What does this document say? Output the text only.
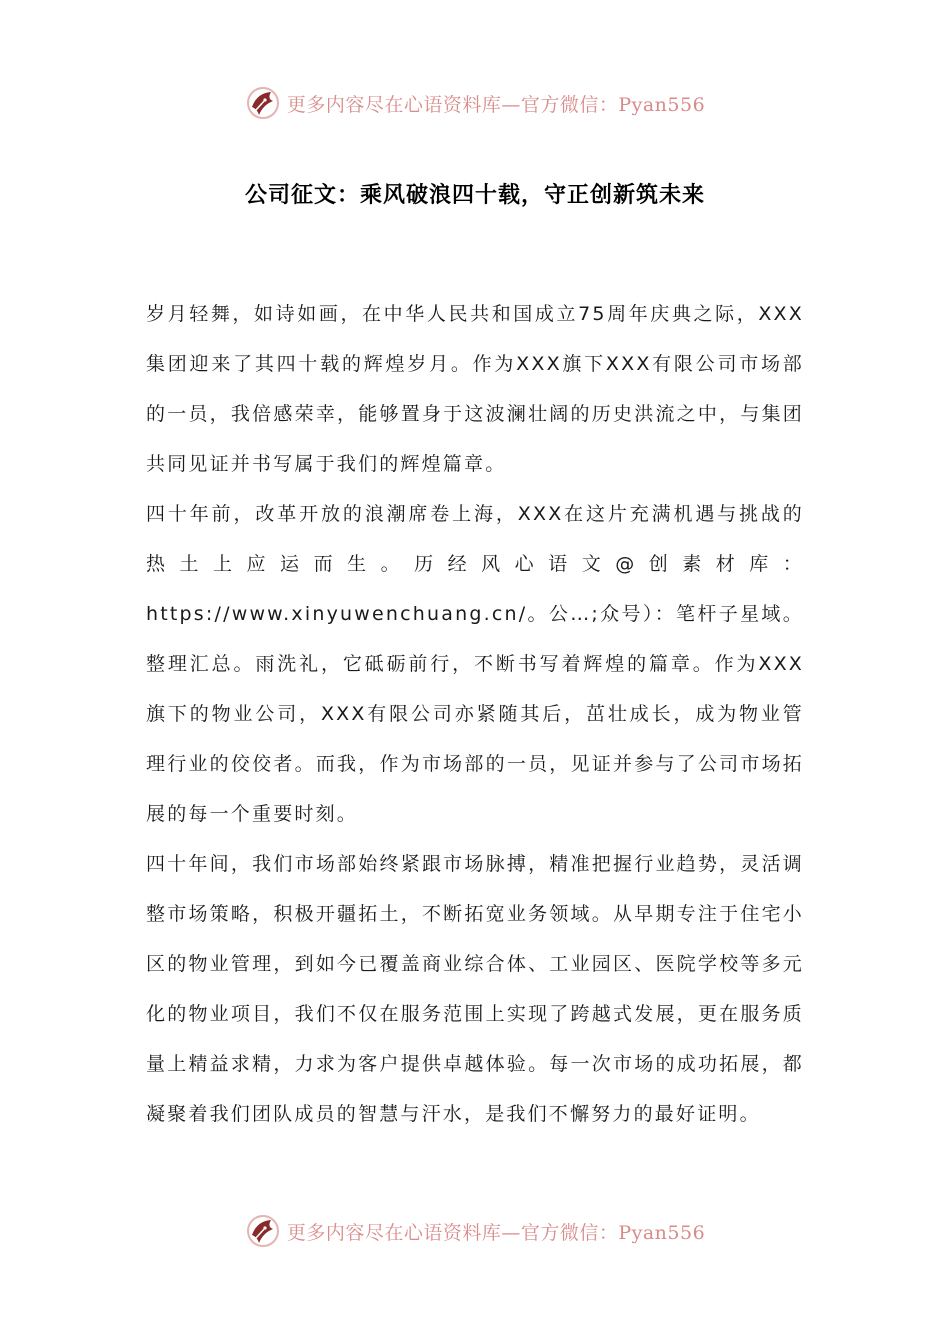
更多内容尽在心语资料库—官方微信：Pyan556
公司征文：乘风破浪四十载，守正创新筑未来

岁月轻舞，如诗如画，在中华人民共和国成立75周年庆典之际，XXX集团迎来了其四十载的辉煌岁月。作为XXX旗下XXX有限公司市场部的一员，我倍感荣幸，能够置身于这波澜壮阔的历史洪流之中，与集团共同见证并书写属于我们的辉煌篇章。

四十年前，改革开放的浪潮席卷上海，XXX在这片充满机遇与挑战的热土上应运而生。历经风心语文@创素材库：https://www.xinyuwenchuang.cn/。公…;众号）：笔杆子星域。整理汇总。雨洗礼，它砥砺前行，不断书写着辉煌的篇章。作为XXX旗下的物业公司，XXX有限公司亦紧随其后，茁壮成长，成为物业管理行业的佼佼者。而我，作为市场部的一员，见证并参与了公司市场拓展的每一个重要时刻。

四十年间，我们市场部始终紧跟市场脉搏，精准把握行业趋势，灵活调整市场策略，积极开疆拓土，不断拓宽业务领域。从早期专注于住宅小区的物业管理，到如今已覆盖商业综合体、工业园区、医院学校等多元化的物业项目，我们不仅在服务范围上实现了跨越式发展，更在服务质量上精益求精，力求为客户提供卓越体验。每一次市场的成功拓展，都凝聚着我们团队成员的智慧与汗水，是我们不懈努力的最好证明。

更多内容尽在心语资料库—官方微信：Pyan556
